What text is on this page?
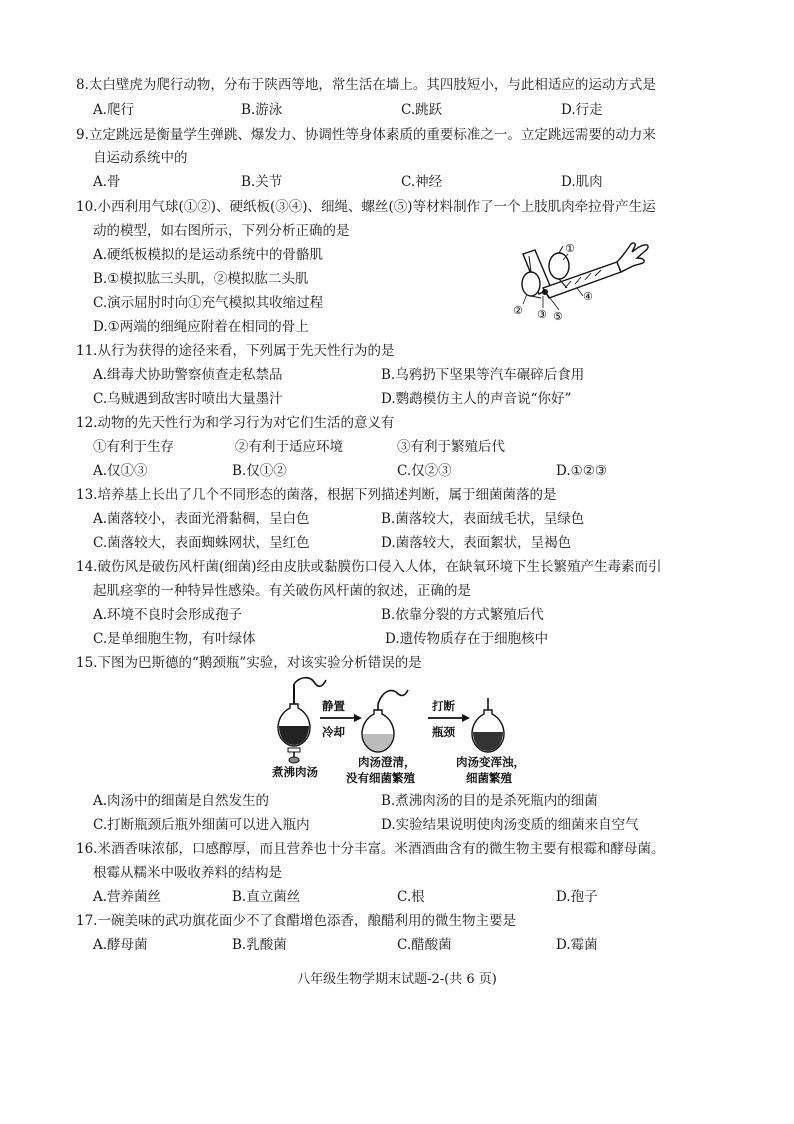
8.太白壁虎为爬行动物，分布于陕西等地，常生活在墙上。其四肢短小，与此相适应的运动方式是
A.爬行	B.游泳	C.跳跃	D.行走
9.立定跳远是衡量学生弹跳、爆发力、协调性等身体素质的重要标准之一。立定跳远需要的动力来
自运动系统中的
A.骨	B.关节	C.神经	D.肌肉
10.小西利用气球(①②)、硬纸板(③④)、细绳、螺丝(⑤)等材料制作了一个上肢肌肉牵拉骨产生运
动的模型，如右图所示，下列分析正确的是
A.硬纸板模拟的是运动系统中的骨骼肌
B.①模拟肱三头肌，②模拟肱二头肌
C.演示屈肘时向①充气模拟其收缩过程
D.①两端的细绳应附着在相同的骨上
①
② ③
④
⑤
11.从行为获得的途径来看，下列属于先天性行为的是
A.缉毒犬协助警察侦查走私禁品	B.乌鸦扔下坚果等汽车碾碎后食用
C.乌贼遇到敌害时喷出大量墨汁	D.鹦鹉模仿主人的声音说“你好”
12.动物的先天性行为和学习行为对它们生活的意义有
①有利于生存	②有利于适应环境	③有利于繁殖后代
A.仅①③	B.仅①②	C.仅②③	D.①②③
13.培养基上长出了几个不同形态的菌落，根据下列描述判断，属于细菌菌落的是
A.菌落较小，表面光滑黏稠，呈白色	B.菌落较大，表面绒毛状，呈绿色
C.菌落较大，表面蜘蛛网状，呈红色	D.菌落较大，表面絮状，呈褐色
14.破伤风是破伤风杆菌(细菌)经由皮肤或黏膜伤口侵入人体，在缺氧环境下生长繁殖产生毒素而引
起肌痉挛的一种特异性感染。有关破伤风杆菌的叙述，正确的是
A.环境不良时会形成孢子	B.依靠分裂的方式繁殖后代
C.是单细胞生物，有叶绿体	D.遗传物质存在于细胞核中
15.下图为巴斯德的“鹅颈瓶”实验，对该实验分析错误的是
静置
冷却
打断
瓶颈
煮沸肉汤
肉汤澄清，
没有细菌繁殖
肉汤变浑浊，
细菌繁殖
A.肉汤中的细菌是自然发生的	B.煮沸肉汤的目的是杀死瓶内的细菌
C.打断瓶颈后瓶外细菌可以进入瓶内	D.实验结果说明使肉汤变质的细菌来自空气
16.米酒香味浓郁，口感醇厚，而且营养也十分丰富。米酒酒曲含有的微生物主要有根霉和酵母菌。
根霉从糯米中吸收养料的结构是
A.营养菌丝	B.直立菌丝	C.根	D.孢子
17.一碗美味的武功旗花面少不了食醋增色添香，酿醋利用的微生物主要是
A.酵母菌	B.乳酸菌	C.醋酸菌	D.霉菌
八年级生物学期末试题-2-(共 6 页)
